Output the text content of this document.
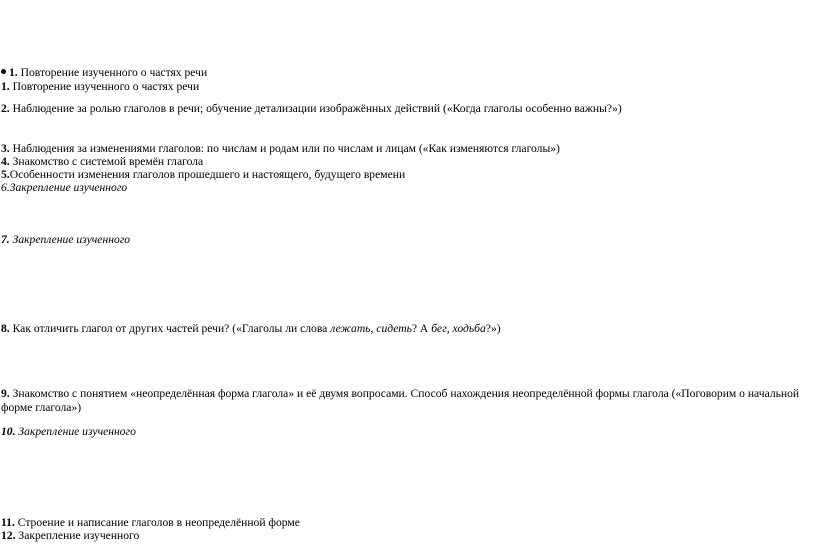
1. Повторение изученного о частях речи
1. Повторение изученного о частях речи
2. Наблюдение за ролью глаголов в речи; обучение детализации изображённых действий («Когда глаголы особенно важны?»)
3. Наблюдения за изменениями глаголов: по числам и родам или по числам и лицам («Как изменяются глаголы»)
4. Знакомство с системой времён глагола
5.Особенности изменения глаголов прошедшего и настоящего, будущего времени
6.Закрепление изученного
7. Закрепление изученного
8. Как отличить глагол от других частей речи? («Глаголы ли слова лежать, сидеть? А бег, ходьба?»)
9. Знакомство с понятием «неопределённая форма глагола» и её двумя вопросами. Способ нахождения неопределённой формы глагола («Поговорим о начальной форме глагола»)
10. Закрепление изученного
11. Строение и написание глаголов в неопределённой форме
12. Закрепление изученного
